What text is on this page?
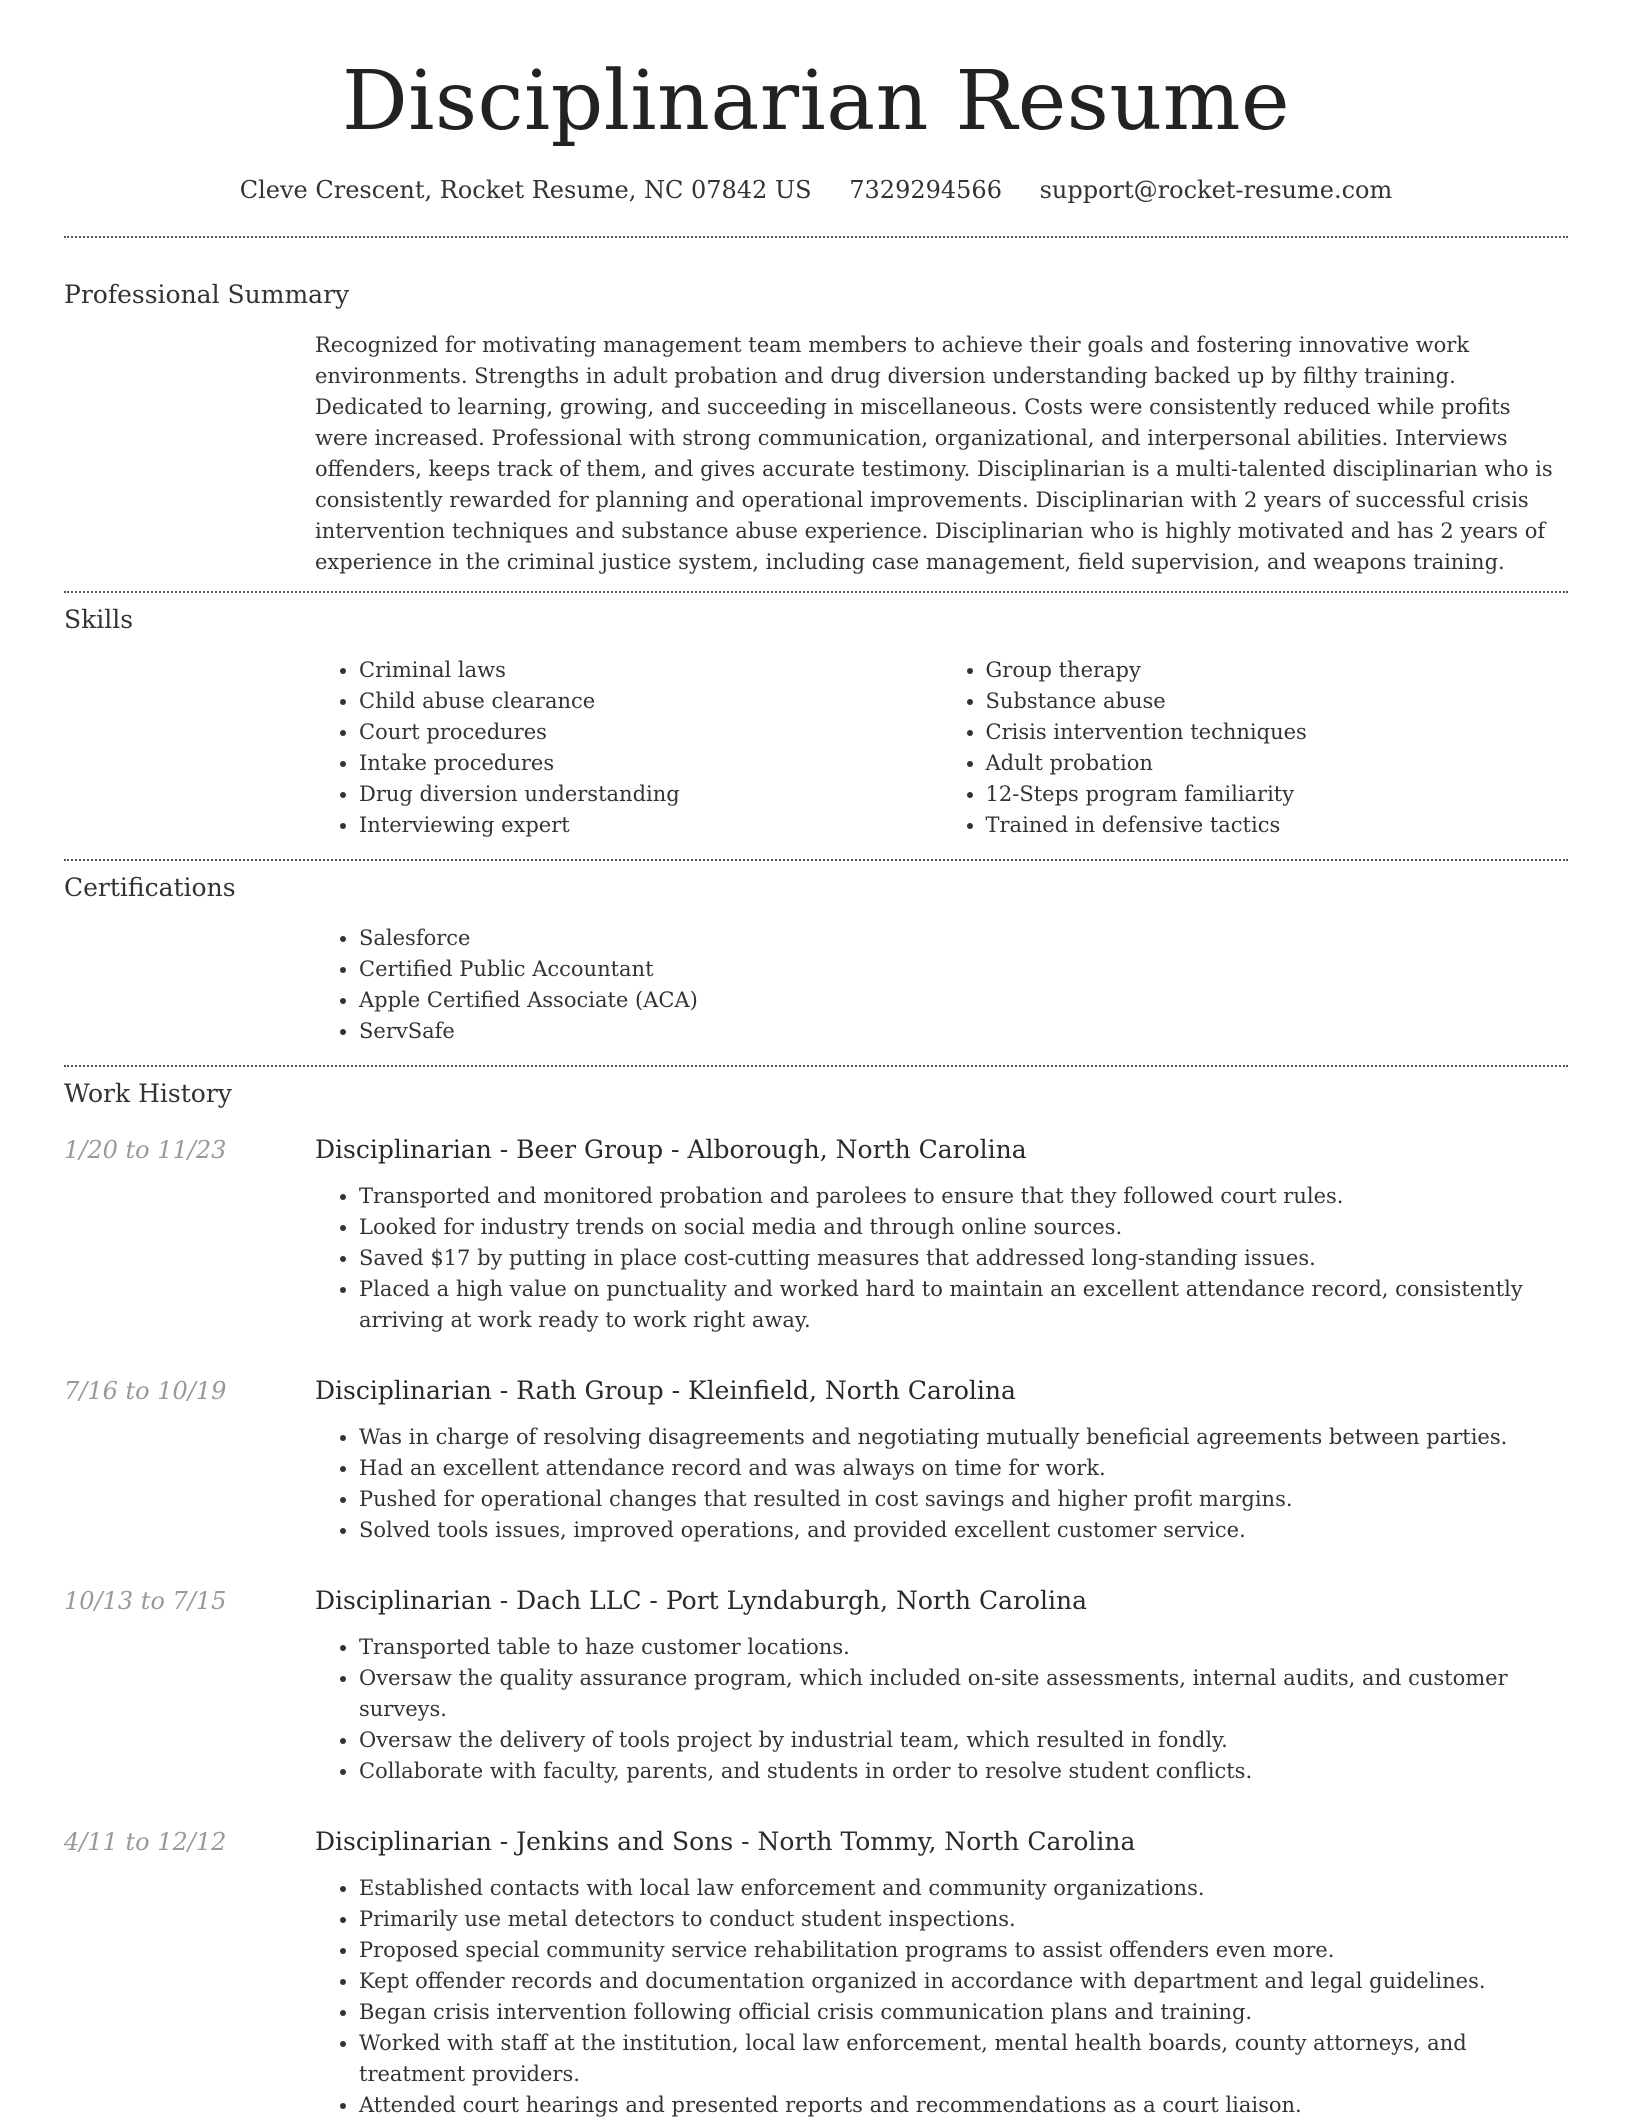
Disciplinarian Resume
Cleve Crescent, Rocket Resume, NC 07842 US 7329294566 support@rocket-resume.com
Professional Summary
Recognized for motivating management team members to achieve their goals and fostering innovative work environments. Strengths in adult probation and drug diversion understanding backed up by filthy training. Dedicated to learning, growing, and succeeding in miscellaneous. Costs were consistently reduced while profits were increased. Professional with strong communication, organizational, and interpersonal abilities. Interviews offenders, keeps track of them, and gives accurate testimony. Disciplinarian is a multi-talented disciplinarian who is consistently rewarded for planning and operational improvements. Disciplinarian with 2 years of successful crisis intervention techniques and substance abuse experience. Disciplinarian who is highly motivated and has 2 years of experience in the criminal justice system, including case management, field supervision, and weapons training.
Skills
• Criminal laws
• Child abuse clearance
• Court procedures
• Intake procedures
• Drug diversion understanding
• Interviewing expert
• Group therapy
• Substance abuse
• Crisis intervention techniques
• Adult probation
• 12-Steps program familiarity
• Trained in defensive tactics
Certifications
• Salesforce
• Certified Public Accountant
• Apple Certified Associate (ACA)
• ServSafe
Work History
1/20 to 11/23	Disciplinarian - Beer Group - Alborough, North Carolina
• Transported and monitored probation and parolees to ensure that they followed court rules.
• Looked for industry trends on social media and through online sources.
• Saved $17 by putting in place cost-cutting measures that addressed long-standing issues.
• Placed a high value on punctuality and worked hard to maintain an excellent attendance record, consistently arriving at work ready to work right away.
7/16 to 10/19	Disciplinarian - Rath Group - Kleinfield, North Carolina
• Was in charge of resolving disagreements and negotiating mutually beneficial agreements between parties.
• Had an excellent attendance record and was always on time for work.
• Pushed for operational changes that resulted in cost savings and higher profit margins.
• Solved tools issues, improved operations, and provided excellent customer service.
10/13 to 7/15	Disciplinarian - Dach LLC - Port Lyndaburgh, North Carolina
• Transported table to haze customer locations.
• Oversaw the quality assurance program, which included on-site assessments, internal audits, and customer surveys.
• Oversaw the delivery of tools project by industrial team, which resulted in fondly.
• Collaborate with faculty, parents, and students in order to resolve student conflicts.
4/11 to 12/12	Disciplinarian - Jenkins and Sons - North Tommy, North Carolina
• Established contacts with local law enforcement and community organizations.
• Primarily use metal detectors to conduct student inspections.
• Proposed special community service rehabilitation programs to assist offenders even more.
• Kept offender records and documentation organized in accordance with department and legal guidelines.
• Began crisis intervention following official crisis communication plans and training.
• Worked with staff at the institution, local law enforcement, mental health boards, county attorneys, and treatment providers.
• Attended court hearings and presented reports and recommendations as a court liaison.
